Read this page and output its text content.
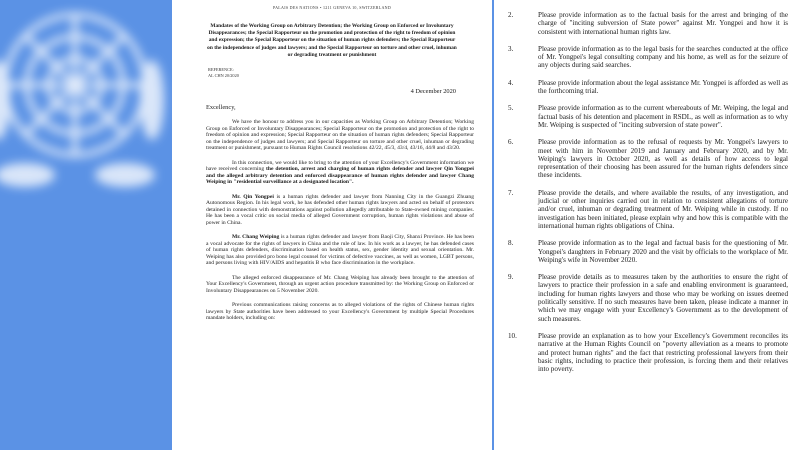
PALAIS DES NATIONS • 1211 GENEVA 10, SWITZERLAND
Mandates of the Working Group on Arbitrary Detention; the Working Group on Enforced or Involuntary Disappearances; the Special Rapporteur on the promotion and protection of the right to freedom of opinion and expression; the Special Rapporteur on the situation of human rights defenders; the Special Rapporteur on the independence of judges and lawyers; and the Special Rapporteur on torture and other cruel, inhuman or degrading treatment or punishment
REFERENCE:
AL CHN 20/2020
4 December 2020
Excellency,

We have the honour to address you in our capacities as Working Group on Arbitrary Detention; Working Group on Enforced or Involuntary Disappearances; Special Rapporteur on the promotion and protection of the right to freedom of opinion and expression; Special Rapporteur on the situation of human rights defenders; Special Rapporteur on the independence of judges and lawyers; and Special Rapporteur on torture and other cruel, inhuman or degrading treatment or punishment, pursuant to Human Rights Council resolutions 42/22, 45/3, 43/4, 43/16, 44/8 and 43/20.

In this connection, we would like to bring to the attention of your Excellency's Government information we have received concerning the detention, arrest and charging of human rights defender and lawyer Qin Yongpei and the alleged arbitrary detention and enforced disappearance of human rights defender and lawyer Chang Weiping in "residential surveillance at a designated location".

Mr. Qin Yongpei is a human rights defender and lawyer from Nanning City in the Guangzi Zhuang Autonomous Region. In his legal work, he has defended other human rights lawyers and acted on behalf of protestors detained in connection with demonstrations against pollution allegedly attributable to State-owned mining companies. He has been a vocal critic on social media of alleged Government corruption, human rights violations and abuse of power in China.

Mr. Chang Weiping is a human rights defender and lawyer from Baoji City, Shanxi Province. He has been a vocal advocate for the rights of lawyers in China and the rule of law. In his work as a lawyer, he has defended cases of human rights defenders, discrimination based on health status, sex, gender identity and sexual orientation. Mr. Weiping has also provided pro bono legal counsel for victims of defective vaccines, as well as women, LGBT persons, and persons living with HIV/AIDS and hepatitis B who face discrimination in the workplace.

The alleged enforced disappearance of Mr. Chang Weiping has already been brought to the attention of Your Excellency's Government, through an urgent action procedure transmitted by: the Working Group on Enforced or Involuntary Disappearances on 5 November 2020.

Previous communications raising concerns as to alleged violations of the rights of Chinese human rights lawyers by State authorities have been addressed to your Excellency's Government by multiple Special Procedures mandate holders, including on:

2.	Please provide information as to the factual basis for the arrest and bringing of the charge of "inciting subversion of State power" against Mr. Yongpei and how it is consistent with international human rights law.
3.	Please provide information as to the legal basis for the searches conducted at the office of Mr. Yongpei's legal consulting company and his home, as well as for the seizure of any objects during said searches.
4.	Please provide information about the legal assistance Mr. Yongpei is afforded as well as the forthcoming trial.
5.	Please provide information as to the current whereabouts of Mr. Weiping, the legal and factual basis of his detention and placement in RSDL, as well as information as to why Mr. Weiping is suspected of "inciting subversion of state power".
6.	Please provide information as to the refusal of requests by Mr. Yongpei's lawyers to meet with him in November 2019 and January and February 2020, and by Mr. Weiping's lawyers in October 2020, as well as details of how access to legal representation of their choosing has been assured for the human rights defenders since these incidents.
7.	Please provide the details, and where available the results, of any investigation, and judicial or other inquiries carried out in relation to consistent allegations of torture and/or cruel, inhuman or degrading treatment of Mr. Weiping while in custody. If no investigation has been initiated, please explain why and how this is compatible with the international human rights obligations of China.
8.	Please provide information as to the legal and factual basis for the questioning of Mr. Yongpei's daughters in February 2020 and the visit by officials to the workplace of Mr. Weiping's wife in November 2020.
9.	Please provide details as to measures taken by the authorities to ensure the right of lawyers to practice their profession in a safe and enabling environment is guaranteed, including for human rights lawyers and those who may be working on issues deemed politically sensitive. If no such measures have been taken, please indicate a manner in which we may engage with your Excellency's Government as to the development of such measures.
10.	Please provide an explanation as to how your Excellency's Government reconciles its narrative at the Human Rights Council on "poverty alleviation as a means to promote and protect human rights" and the fact that restricting professional lawyers from their basic rights, including to practice their profession, is forcing them and their relatives into poverty.
